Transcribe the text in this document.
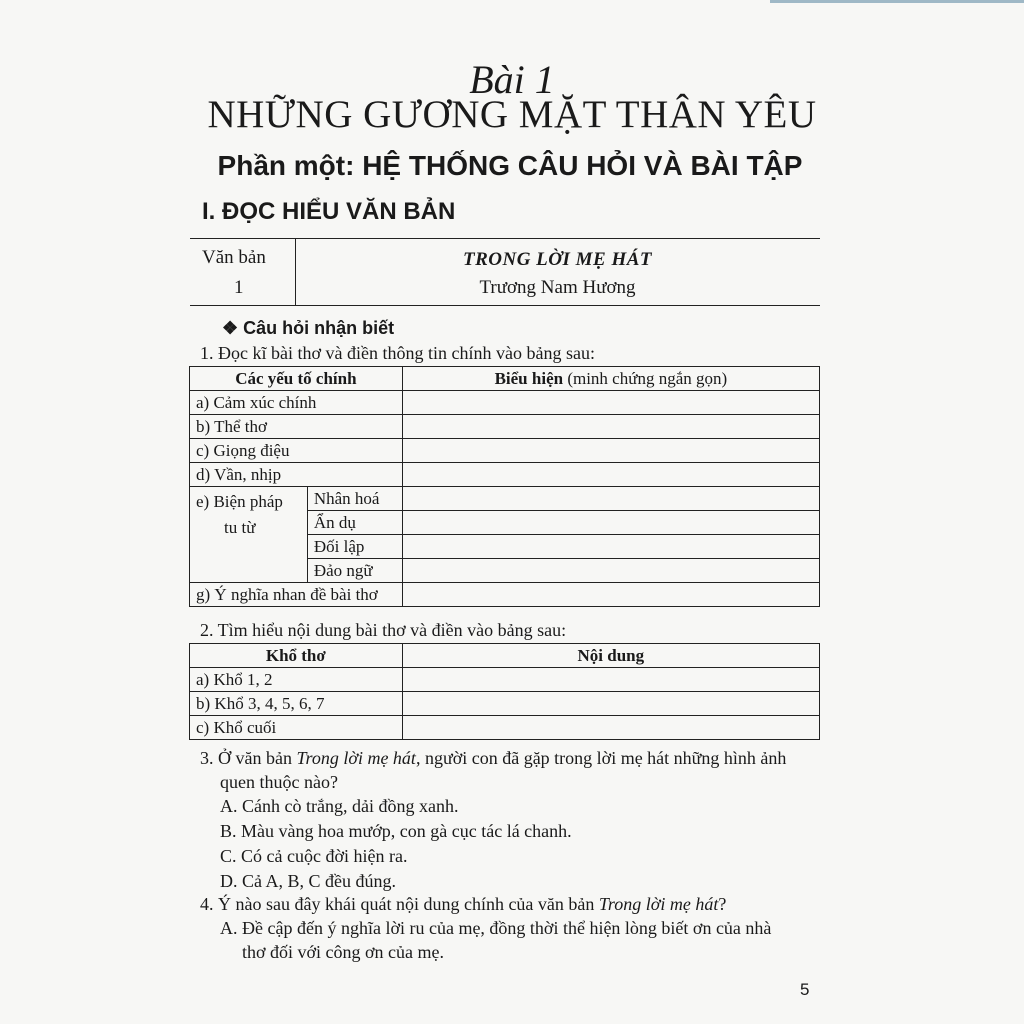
Bài 1
NHỮNG GƯƠNG MẶT THÂN YÊU
Phần một: HỆ THỐNG CÂU HỎI VÀ BÀI TẬP
I. ĐỌC HIỂU VĂN BẢN
Văn bản
1
TRONG LỜI MẸ HÁT
Trương Nam Hương
❖ Câu hỏi nhận biết
1. Đọc kĩ bài thơ và điền thông tin chính vào bảng sau:
Các yếu tố chính		Biểu hiện (minh chứng ngắn gọn)
a) Cảm xúc chính		
b) Thể thơ		
c) Giọng điệu		
d) Vần, nhịp		
e) Biện pháp
tu từ	Nhân hoá	
	Ẩn dụ	
	Đối lập	
	Đảo ngữ	
g) Ý nghĩa nhan đề bài thơ		
2. Tìm hiểu nội dung bài thơ và điền vào bảng sau:
Khổ thơ	Nội dung
a) Khổ 1, 2	
b) Khổ 3, 4, 5, 6, 7	
c) Khổ cuối	
3. Ở văn bản Trong lời mẹ hát, người con đã gặp trong lời mẹ hát những hình ảnh
quen thuộc nào?
A. Cánh cò trắng, dải đồng xanh.
B. Màu vàng hoa mướp, con gà cục tác lá chanh.
C. Có cả cuộc đời hiện ra.
D. Cả A, B, C đều đúng.
4. Ý nào sau đây khái quát nội dung chính của văn bản Trong lời mẹ hát?
A. Đề cập đến ý nghĩa lời ru của mẹ, đồng thời thể hiện lòng biết ơn của nhà
thơ đối với công ơn của mẹ.
5
